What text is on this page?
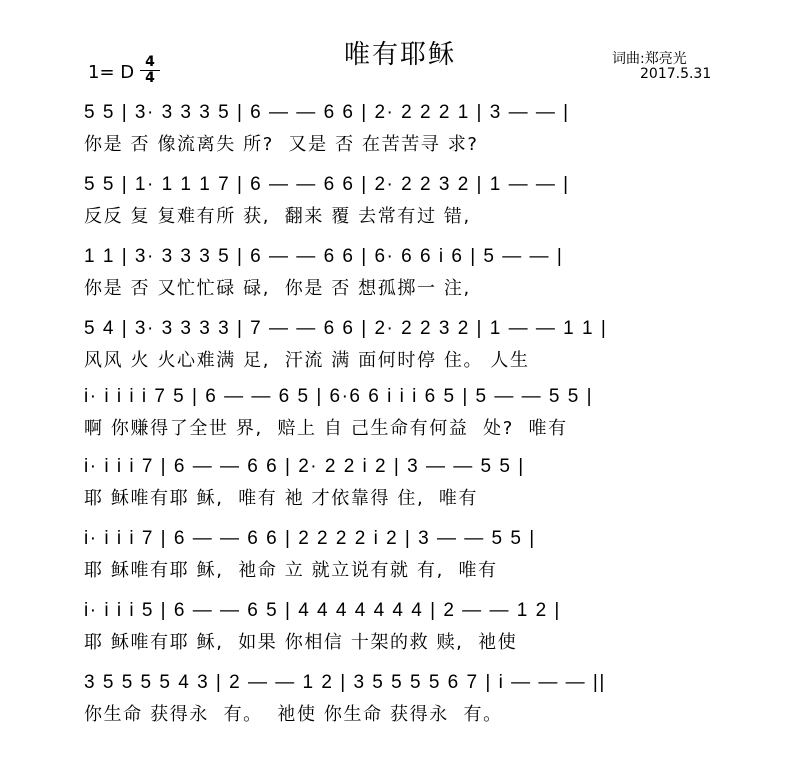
唯有耶稣
1= D 4
4
词曲:郑亮光
2017.5.31
5 5 | 3· 3 3 3 5 | 6 — — 6 6 | 2· 2 2 2 1 | 3 — — |
你是 否 像流离失 所?  又是 否 在苦苦寻 求?
5 5 | 1· 1 1 1 7 | 6 — — 6 6 | 2· 2 2 3 2 | 1 — — |
反反 复 复难有所 获,  翻来 覆 去常有过 错,
1 1 | 3· 3 3 3 5 | 6 — — 6 6 | 6· 6 6 i 6 | 5 — — |
你是 否 又忙忙碌 碌,  你是 否 想孤掷一 注,
5 4 | 3· 3 3 3 3 | 7 — — 6 6 | 2· 2 2 3 2 | 1 — — 1 1 |
风风 火 火心难满 足,  汗流 满 面何时停 住。 人生
i· i i i i 7 5 | 6 — — 6 5 | 6·6 6 i i i 6 5 | 5 — — 5 5 |
啊 你赚得了全世 界,  赔上 自 己生命有何益  处?  唯有
i· i i i 7 | 6 — — 6 6 | 2· 2 2 i 2 | 3 — — 5 5 |
耶 稣唯有耶 稣,  唯有 祂 才依靠得 住,  唯有
i· i i i 7 | 6 — — 6 6 | 2 2 2 2 i 2 | 3 — — 5 5 |
耶 稣唯有耶 稣,  祂命 立 就立说有就 有,  唯有
i· i i i 5 | 6 — — 6 5 | 4 4 4 4 4 4 4 | 2 — — 1 2 |
耶 稣唯有耶 稣,  如果 你相信 十架的救 赎,  祂使
3 5 5 5 5 4 3 | 2 — — 1 2 | 3 5 5 5 5 6 7 | i — — — ||
你生命 获得永  有。  祂使 你生命 获得永  有。
